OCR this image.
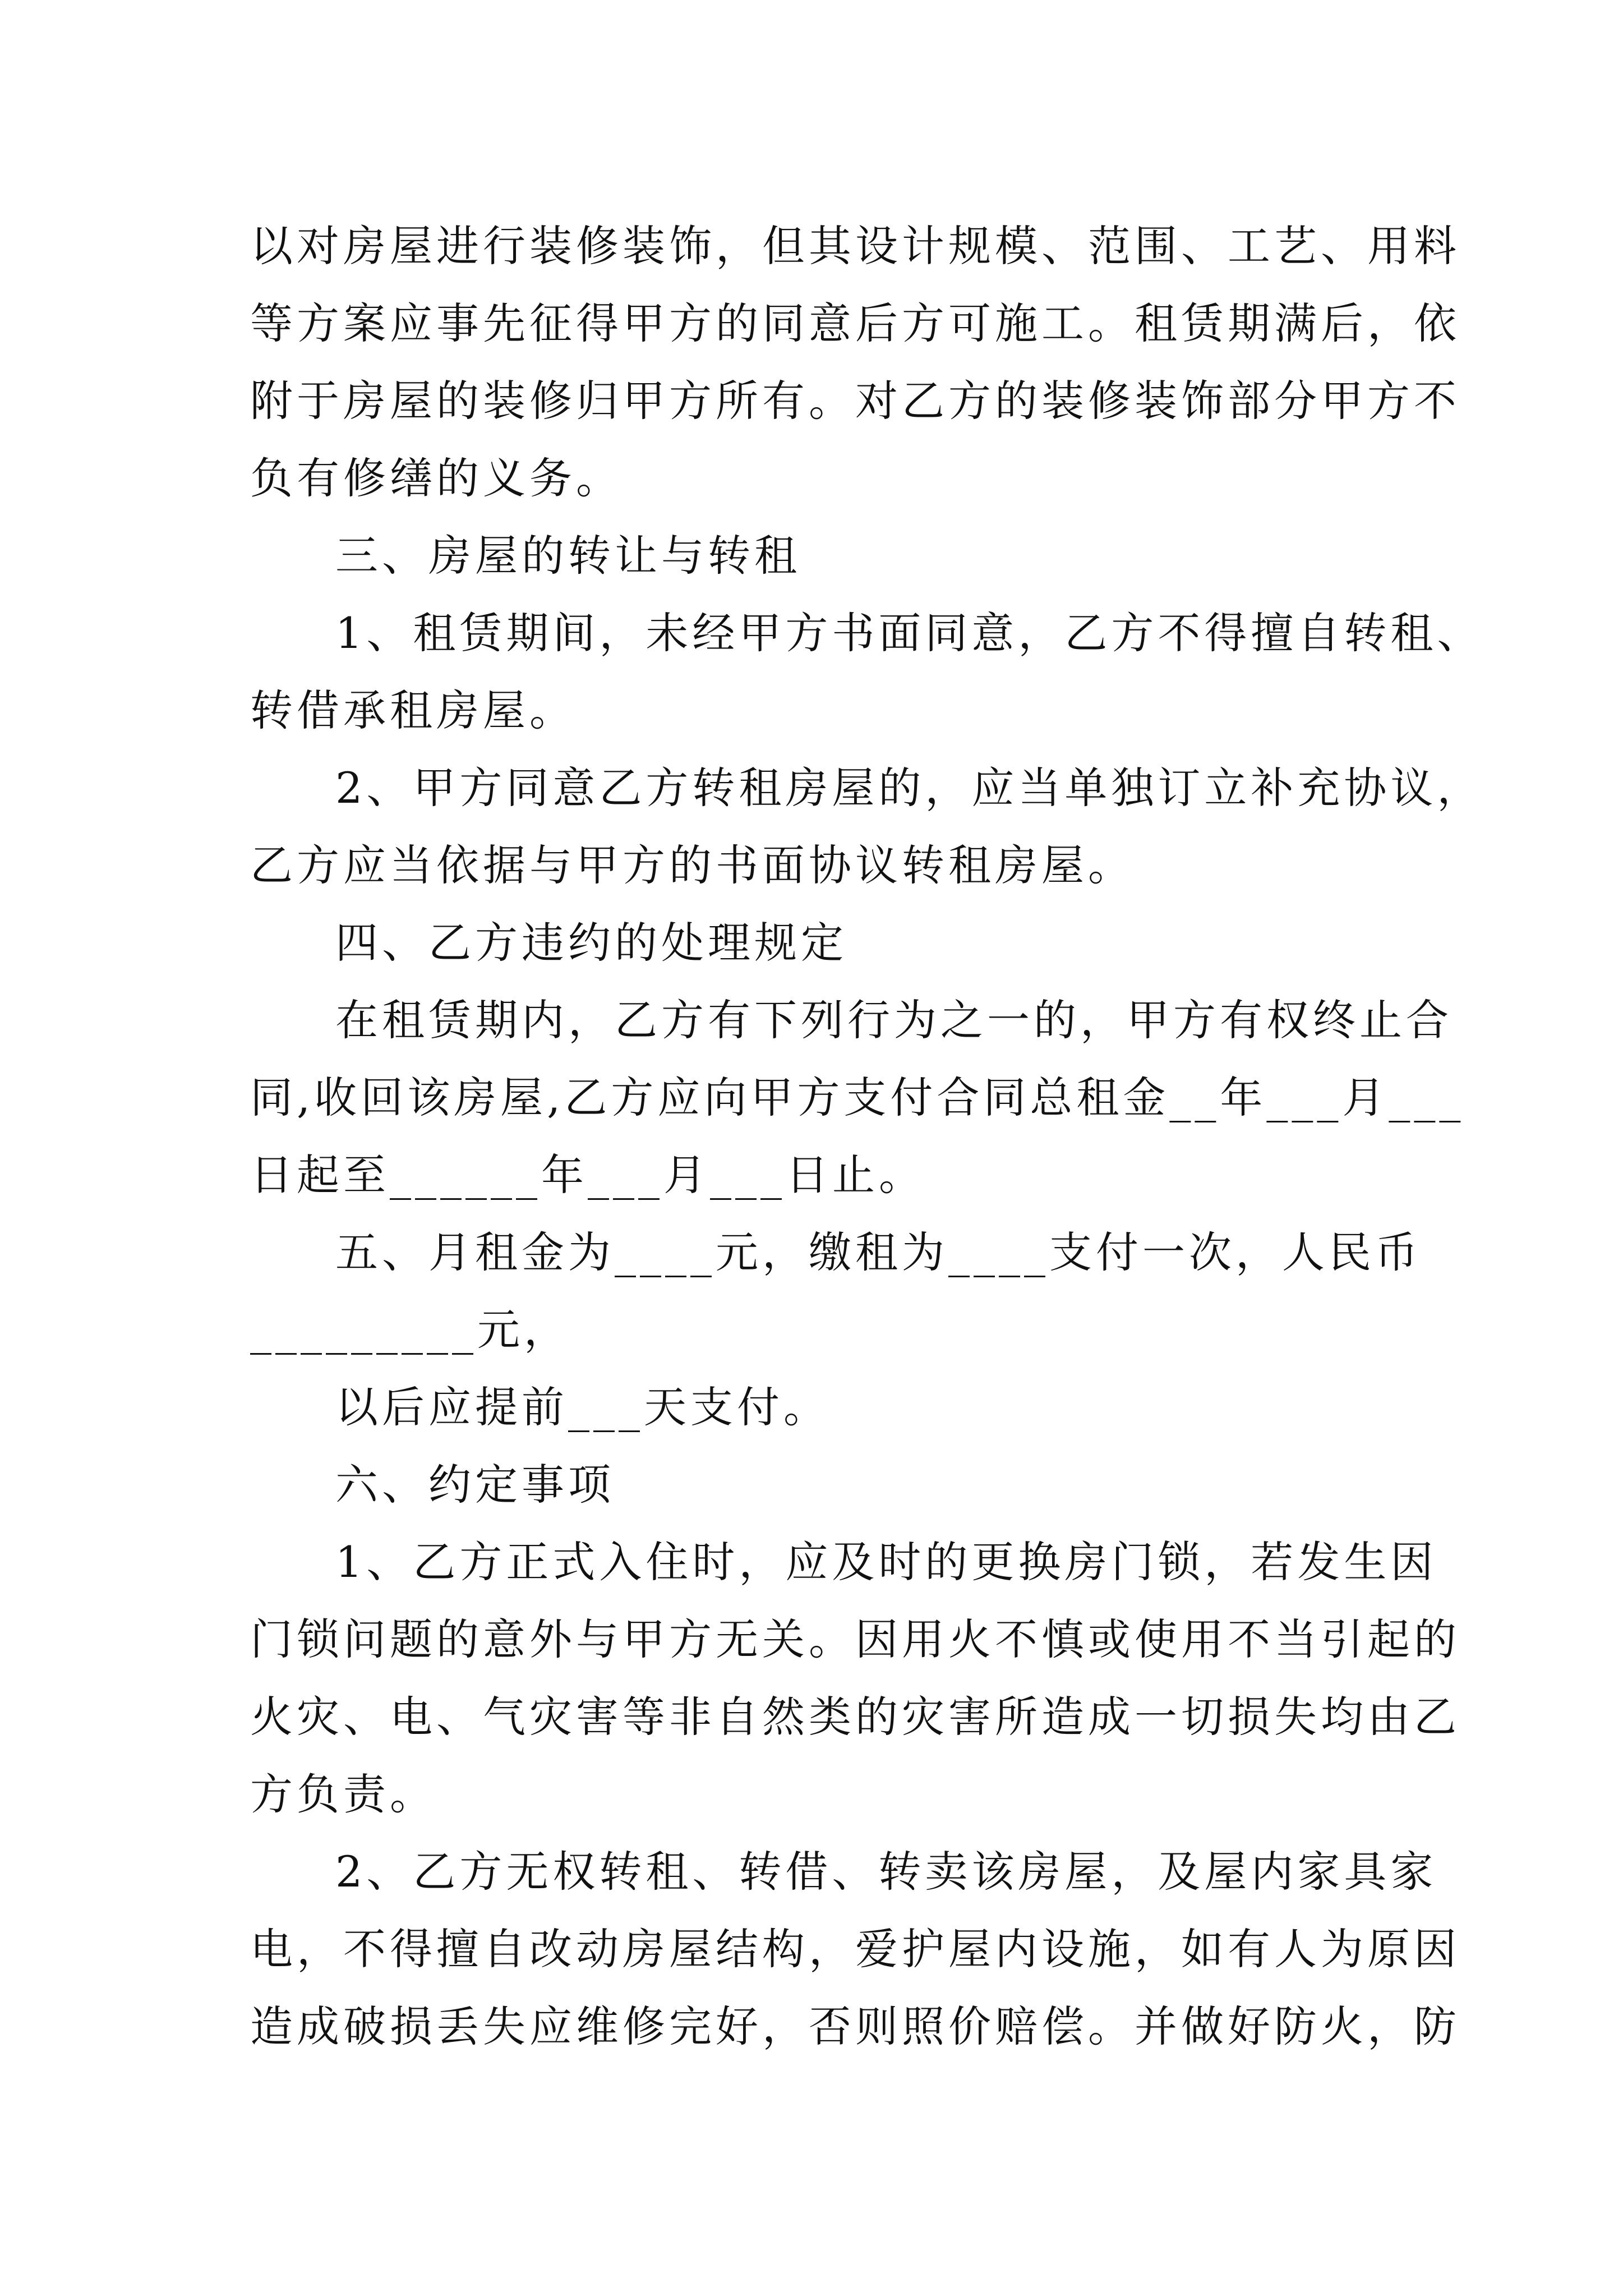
以对房屋进行装修装饰，但其设计规模、范围、工艺、用料
等方案应事先征得甲方的同意后方可施工。租赁期满后，依
附于房屋的装修归甲方所有。对乙方的装修装饰部分甲方不
负有修缮的义务。
三、房屋的转让与转租
1、租赁期间，未经甲方书面同意，乙方不得擅自转租、
转借承租房屋。
2、甲方同意乙方转租房屋的，应当单独订立补充协议，
乙方应当依据与甲方的书面协议转租房屋。
四、乙方违约的处理规定
在租赁期内，乙方有下列行为之一的，甲方有权终止合
同,收回该房屋,乙方应向甲方支付合同总租金__年___月___
日起至______年___月___日止。
五、月租金为____元，缴租为____支付一次，人民币
_________元，
以后应提前___天支付。
六、约定事项
1、乙方正式入住时，应及时的更换房门锁，若发生因
门锁问题的意外与甲方无关。因用火不慎或使用不当引起的
火灾、电、气灾害等非自然类的灾害所造成一切损失均由乙
方负责。
2、乙方无权转租、转借、转卖该房屋，及屋内家具家
电，不得擅自改动房屋结构，爱护屋内设施，如有人为原因
造成破损丢失应维修完好，否则照价赔偿。并做好防火，防
